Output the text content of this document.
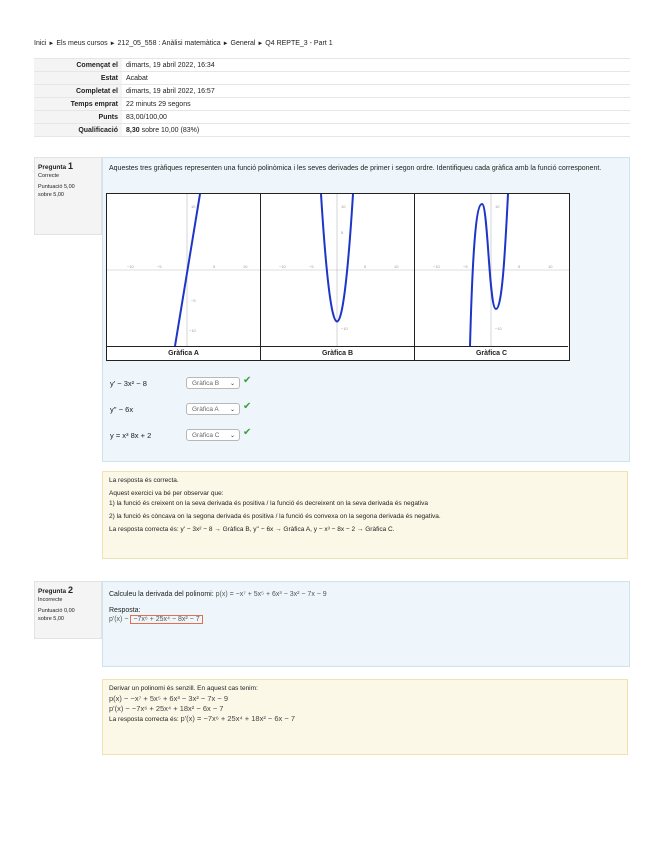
Inici ► Els meus cursos ► 212_05_558 : Anàlisi matemàtica ► General ► Q4 REPTE_3 - Part 1
Començat el	dimarts, 19 abril 2022, 16:34
Estat	Acabat
Completat el	dimarts, 19 abril 2022, 16:57
Temps emprat	22 minuts 29 segons
Punts	83,00/100,00
Qualificació	8,30 sobre 10,00 (83%)
Pregunta 1
Correcte
Puntuació 5,00
sobre 5,00
Aquestes tres gràfiques representen una funció polinòmica i les seves derivades de primer i segon ordre. Identifiqueu cada gràfica amb la funció corresponent.
−10	−5	5	10
10
−5
−10
−10	−5	5	10
10
5
−10
−10	−5	5	10
10
−10
Gràfica A	Gràfica B	Gràfica C
y' − 3x² − 8	Gràfica B ⌄ ✔
y'' − 6x	Gràfica A ⌄ ✔
y = x³ 8x + 2	Gràfica C ⌄ ✔
La resposta és correcta.
Aquest exercici va bé per observar que:
1) la funció és creixent on la seva derivada és positiva / la funció és decreixent on la seva derivada és negativa
2) la funció és còncava on la segona derivada és positiva / la funció és convexa on la segona derivada és negativa.
La resposta correcta és: y' − 3x² − 8 → Gràfica B, y'' − 6x → Gràfica A, y − x³ − 8x − 2 → Gràfica C.
Pregunta 2
Incorrecte
Puntuació 0,00
sobre 5,00
Calculeu la derivada del polinomi: p(x) = −x⁷ + 5x⁵ + 6x³ − 3x² − 7x − 9
Resposta:
p'(x) − −7x⁶ + 25x⁴ − 8x² − 7
Derivar un polinomi és senzill. En aquest cas tenim:
p(x) − −x⁷ + 5x⁵ + 6x³ − 3x² − 7x − 9
p'(x) − −7x⁶ + 25x⁴ + 18x² − 6x − 7
La resposta correcta és: p'(x) = −7x⁶ + 25x⁴ + 18x² − 6x − 7
